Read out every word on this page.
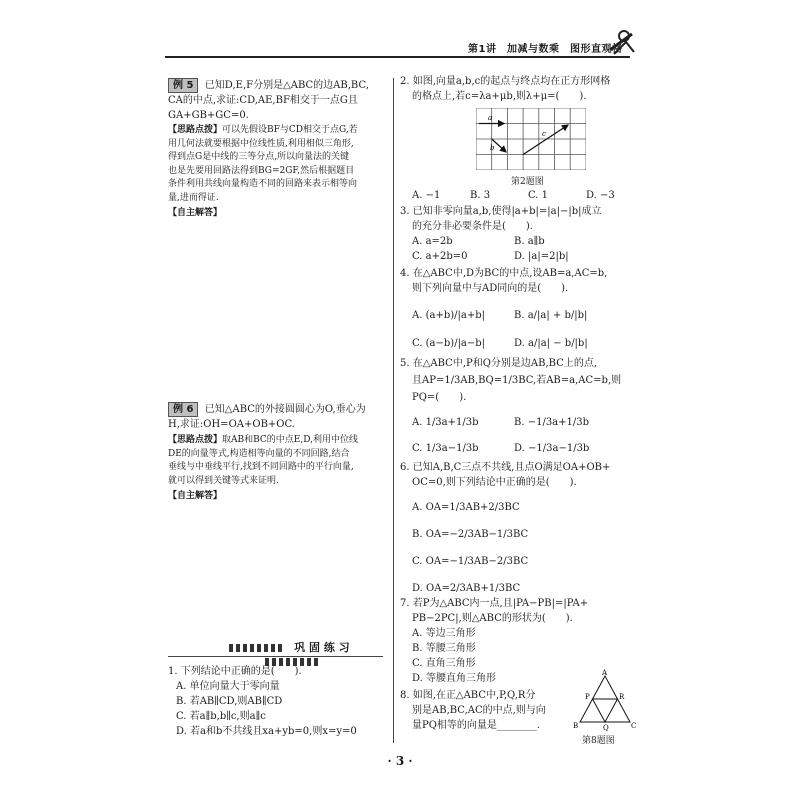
第1讲　加减与数乘　图形直观格
例 5 已知D,E,F分别是△ABC的边AB,BC,
CA的中点,求证:CD,AE,BF相交于一点G且
GA+GB+GC=0.
【思路点拨】可以先假设BF与CD相交于点G,若
用几何法就要根据中位线性质,利用相似三角形,
得到点G是中线的三等分点,所以向量法的关键
也是先要用回路法得到BG=2GF,然后根据题目
条件利用共线向量构造不同的回路来表示相等向
量,进而得证.
【自主解答】
例 6 已知△ABC的外接圆圆心为O,垂心为
H,求证:OH=OA+OB+OC.
【思路点拨】取AB和BC的中点E,D,利用中位线
DE的向量等式,构造相等向量的不同回路,结合
垂线与中垂线平行,找到不同回路中的平行向量,
就可以得到关键等式来证明.
【自主解答】
巩 固 练 习
1. 下列结论中正确的是(　　).
A. 单位向量大于零向量
B. 若AB∥CD,则AB∥CD
C. 若a∥b,b∥c,则a∥c
D. 若a和b不共线且xa+yb=0,则x=y=0
2. 如图,向量a,b,c的起点与终点均在正方形网格
的格点上,若c=λa+μb,则λ+μ=(　　).
a
b
c
第2题图
A. −1	B. 3	C. 1	D. −3
3. 已知非零向量a,b,使得|a+b|=|a|−|b|成立
的充分非必要条件是(　　).
A. a=2b	B. a∥b
C. a+2b=0	D. |a|=2|b|
4. 在△ABC中,D为BC的中点,设AB=a,AC=b,
则下列向量中与AD同向的是(　　).
A. (a+b)/|a+b|	B. a/|a| + b/|b|
C. (a−b)/|a−b|	D. a/|a| − b/|b|
5. 在△ABC中,P和Q分别是边AB,BC上的点,
且AP=1/3AB,BQ=1/3BC,若AB=a,AC=b,则
PQ=(　　).
A. 1/3a+1/3b	B. −1/3a+1/3b
C. 1/3a−1/3b	D. −1/3a−1/3b
6. 已知A,B,C三点不共线,且点O满足OA+OB+
OC=0,则下列结论中正确的是(　　).
A. OA=1/3AB+2/3BC
B. OA=−2/3AB−1/3BC
C. OA=−1/3AB−2/3BC
D. OA=2/3AB+1/3BC
7. 若P为△ABC内一点,且|PA−PB|=|PA+
PB−2PC|,则△ABC的形状为(　　).
A. 等边三角形
B. 等腰三角形
C. 直角三角形
D. 等腰直角三角形
8. 如图,在正△ABC中,P,Q,R分
别是AB,BC,AC的中点,则与向
量PQ相等的向量是________.
A
B	C
P
Q
R
第8题图
· 3 ·
